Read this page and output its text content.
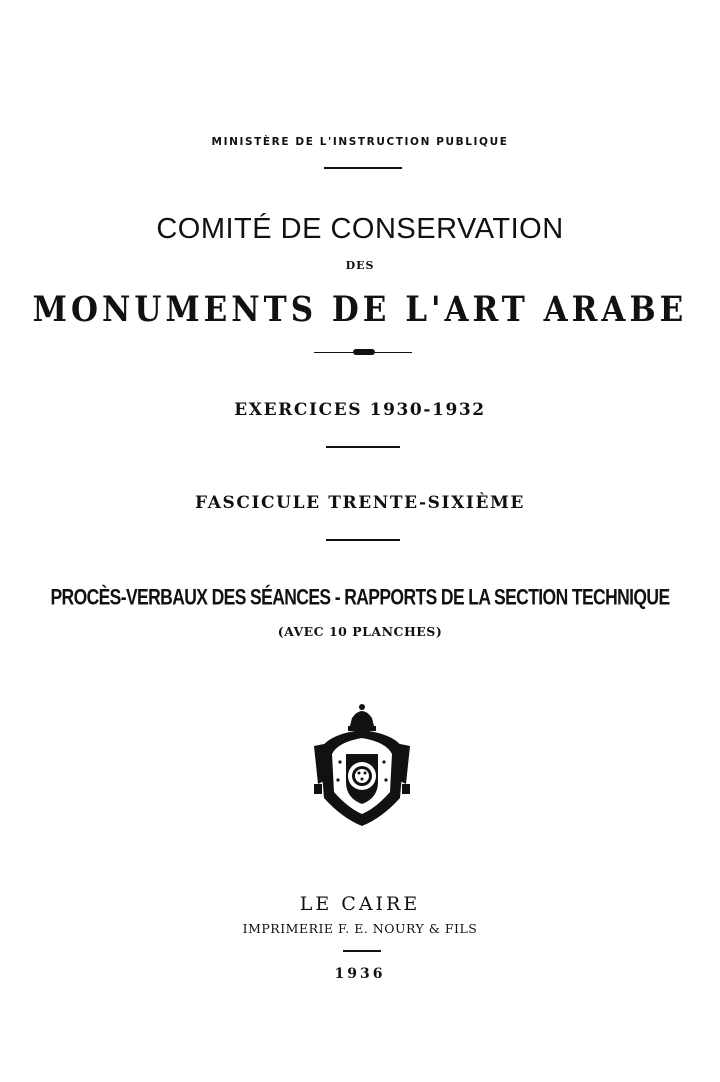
MINISTÈRE DE L'INSTRUCTION PUBLIQUE
COMITÉ DE CONSERVATION
DES
MONUMENTS DE L'ART ARABE
EXERCICES 1930-1932
FASCICULE TRENTE-SIXIÈME
PROCÈS-VERBAUX DES SÉANCES - RAPPORTS DE LA SECTION TECHNIQUE
(AVEC 10 PLANCHES)
LE CAIRE
IMPRIMERIE F. E. NOURY & FILS
1936
